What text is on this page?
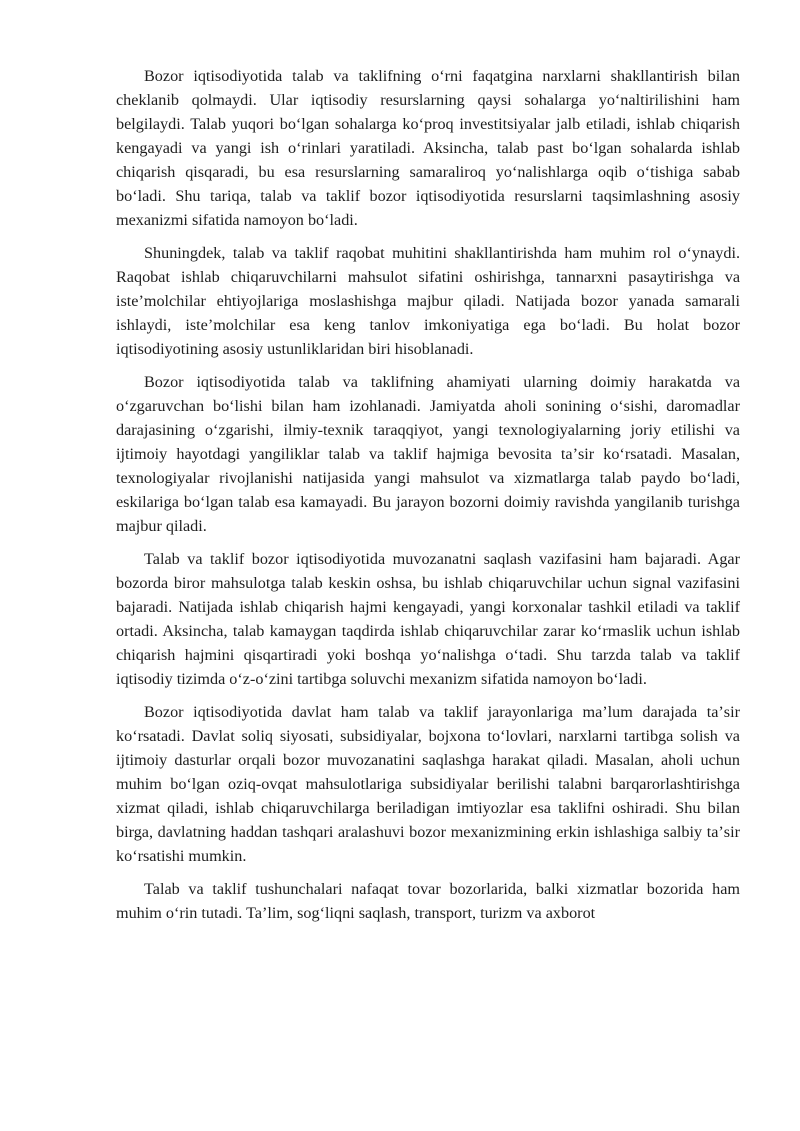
Bozor iqtisodiyotida talab va taklifning oʻrni faqatgina narxlarni shakllantirish bilan cheklanib qolmaydi. Ular iqtisodiy resurslarning qaysi sohalarga yoʻnaltirilishini ham belgilaydi. Talab yuqori boʻlgan sohalarga koʻproq investitsiyalar jalb etiladi, ishlab chiqarish kengayadi va yangi ish oʻrinlari yaratiladi. Aksincha, talab past boʻlgan sohalarda ishlab chiqarish qisqaradi, bu esa resurslarning samaraliroq yoʻnalishlarga oqib oʻtishiga sabab boʻladi. Shu tariqa, talab va taklif bozor iqtisodiyotida resurslarni taqsimlashning asosiy mexanizmi sifatida namoyon boʻladi.

Shuningdek, talab va taklif raqobat muhitini shakllantirishda ham muhim rol oʻynaydi. Raqobat ishlab chiqaruvchilarni mahsulot sifatini oshirishga, tannarxni pasaytirishga va isteʼmolchilar ehtiyojlariga moslashishga majbur qiladi. Natijada bozor yanada samarali ishlaydi, isteʼmolchilar esa keng tanlov imkoniyatiga ega boʻladi. Bu holat bozor iqtisodiyotining asosiy ustunliklaridan biri hisoblanadi.

Bozor iqtisodiyotida talab va taklifning ahamiyati ularning doimiy harakatda va oʻzgaruvchan boʻlishi bilan ham izohlanadi. Jamiyatda aholi sonining oʻsishi, daromadlar darajasining oʻzgarishi, ilmiy-texnik taraqqiyot, yangi texnologiyalarning joriy etilishi va ijtimoiy hayotdagi yangiliklar talab va taklif hajmiga bevosita taʼsir koʻrsatadi. Masalan, texnologiyalar rivojlanishi natijasida yangi mahsulot va xizmatlarga talab paydo boʻladi, eskilariga boʻlgan talab esa kamayadi. Bu jarayon bozorni doimiy ravishda yangilanib turishga majbur qiladi.

Talab va taklif bozor iqtisodiyotida muvozanatni saqlash vazifasini ham bajaradi. Agar bozorda biror mahsulotga talab keskin oshsa, bu ishlab chiqaruvchilar uchun signal vazifasini bajaradi. Natijada ishlab chiqarish hajmi kengayadi, yangi korxonalar tashkil etiladi va taklif ortadi. Aksincha, talab kamaygan taqdirda ishlab chiqaruvchilar zarar koʻrmaslik uchun ishlab chiqarish hajmini qisqartiradi yoki boshqa yoʻnalishga oʻtadi. Shu tarzda talab va taklif iqtisodiy tizimda oʻz-oʻzini tartibga soluvchi mexanizm sifatida namoyon boʻladi.

Bozor iqtisodiyotida davlat ham talab va taklif jarayonlariga maʼlum darajada taʼsir koʻrsatadi. Davlat soliq siyosati, subsidiyalar, bojxona toʻlovlari, narxlarni tartibga solish va ijtimoiy dasturlar orqali bozor muvozanatini saqlashga harakat qiladi. Masalan, aholi uchun muhim boʻlgan oziq-ovqat mahsulotlariga subsidiyalar berilishi talabni barqarorlashtirishga xizmat qiladi, ishlab chiqaruvchilarga beriladigan imtiyozlar esa taklifni oshiradi. Shu bilan birga, davlatning haddan tashqari aralashuvi bozor mexanizmining erkin ishlashiga salbiy taʼsir koʻrsatishi mumkin.

Talab va taklif tushunchalari nafaqat tovar bozorlarida, balki xizmatlar bozorida ham muhim oʻrin tutadi. Taʼlim, sogʻliqni saqlash, transport, turizm va axborot
